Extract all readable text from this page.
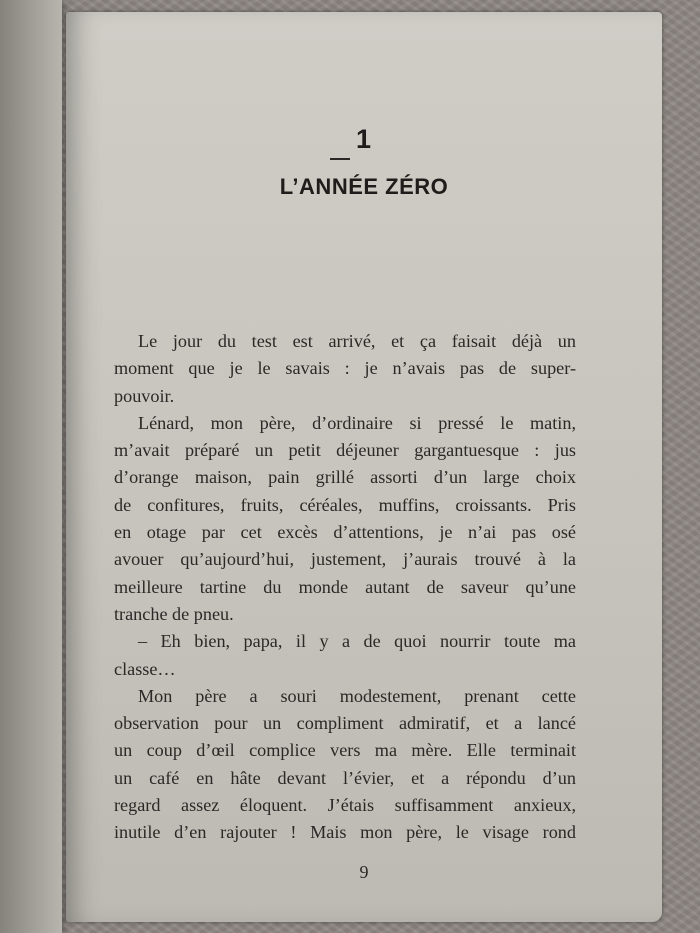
1
L’ANNÉE ZÉRO
Le jour du test est arrivé, et ça faisait déjà un
moment que je le savais : je n’avais pas de super-
pouvoir.
Lénard, mon père, d’ordinaire si pressé le matin,
m’avait préparé un petit déjeuner gargantuesque : jus
d’orange maison, pain grillé assorti d’un large choix
de confitures, fruits, céréales, muffins, croissants. Pris
en otage par cet excès d’attentions, je n’ai pas osé
avouer qu’aujourd’hui, justement, j’aurais trouvé à la
meilleure tartine du monde autant de saveur qu’une
tranche de pneu.
– Eh bien, papa, il y a de quoi nourrir toute ma
classe…
Mon père a souri modestement, prenant cette
observation pour un compliment admiratif, et a lancé
un coup d’œil complice vers ma mère. Elle terminait
un café en hâte devant l’évier, et a répondu d’un
regard assez éloquent. J’étais suffisamment anxieux,
inutile d’en rajouter ! Mais mon père, le visage rond
9
